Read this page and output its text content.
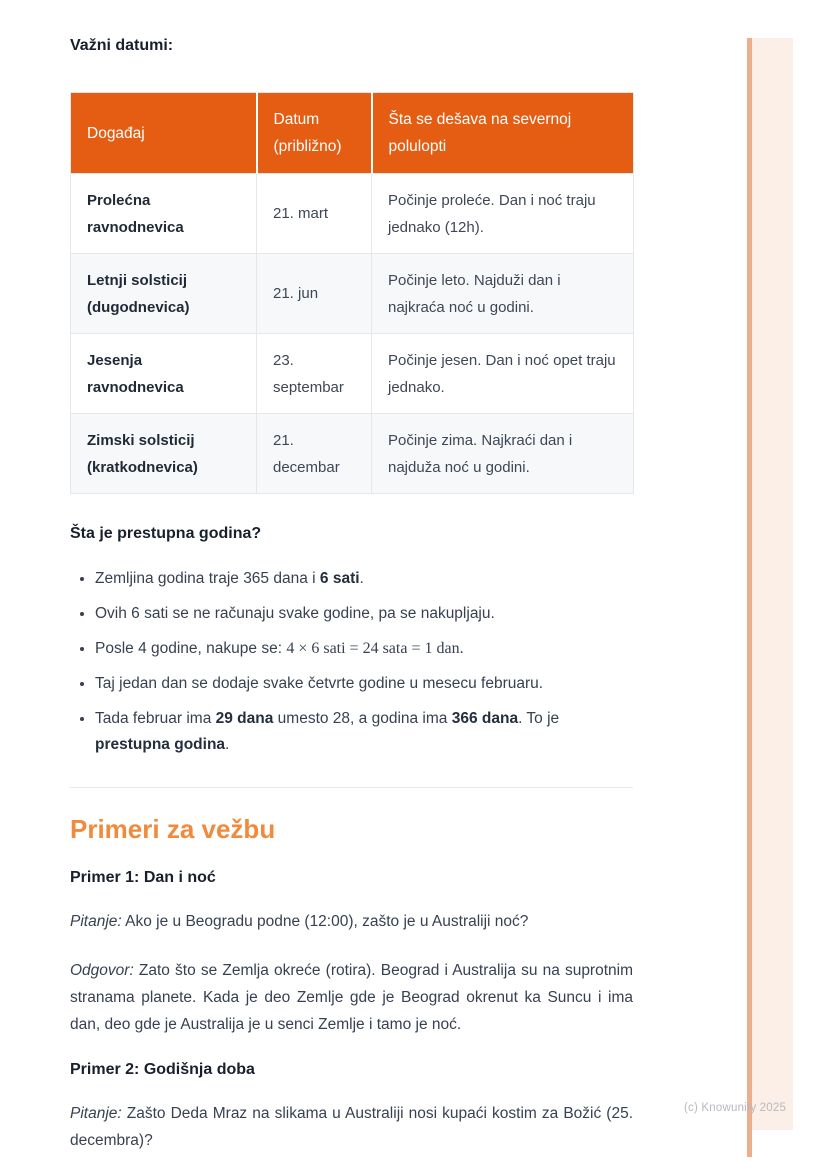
(c) Knowunity 2025
Važni datumi:
Događaj	Datum (približno)	Šta se dešava na severnoj polulopti
Prolećna ravnodnevica	21. mart	Počinje proleće. Dan i noć traju jednako (12h).
Letnji solsticij (dugodnevica)	21. jun	Počinje leto. Najduži dan i najkraća noć u godini.
Jesenja ravnodnevica	23. septembar	Počinje jesen. Dan i noć opet traju jednako.
Zimski solsticij (kratkodnevica)	21. decembar	Počinje zima. Najkraći dan i najduža noć u godini.
Šta je prestupna godina?
• Zemljina godina traje 365 dana i 6 sati.
• Ovih 6 sati se ne računaju svake godine, pa se nakupljaju.
• Posle 4 godine, nakupe se: 4 × 6 sati = 24 sata = 1 dan.
• Taj jedan dan se dodaje svake četvrte godine u mesecu februaru.
• Tada februar ima 29 dana umesto 28, a godina ima 366 dana. To je prestupna godina.
Primeri za vežbu
Primer 1: Dan i noć

Pitanje: Ako je u Beogradu podne (12:00), zašto je u Australiji noć?

Odgovor: Zato što se Zemlja okreće (rotira). Beograd i Australija su na suprotnim stranama planete. Kada je deo Zemlje gde je Beograd okrenut ka Suncu i ima dan, deo gde je Australija je u senci Zemlje i tamo je noć.

Primer 2: Godišnja doba

Pitanje: Zašto Deda Mraz na slikama u Australiji nosi kupaći kostim za Božić (25. decembra)?
